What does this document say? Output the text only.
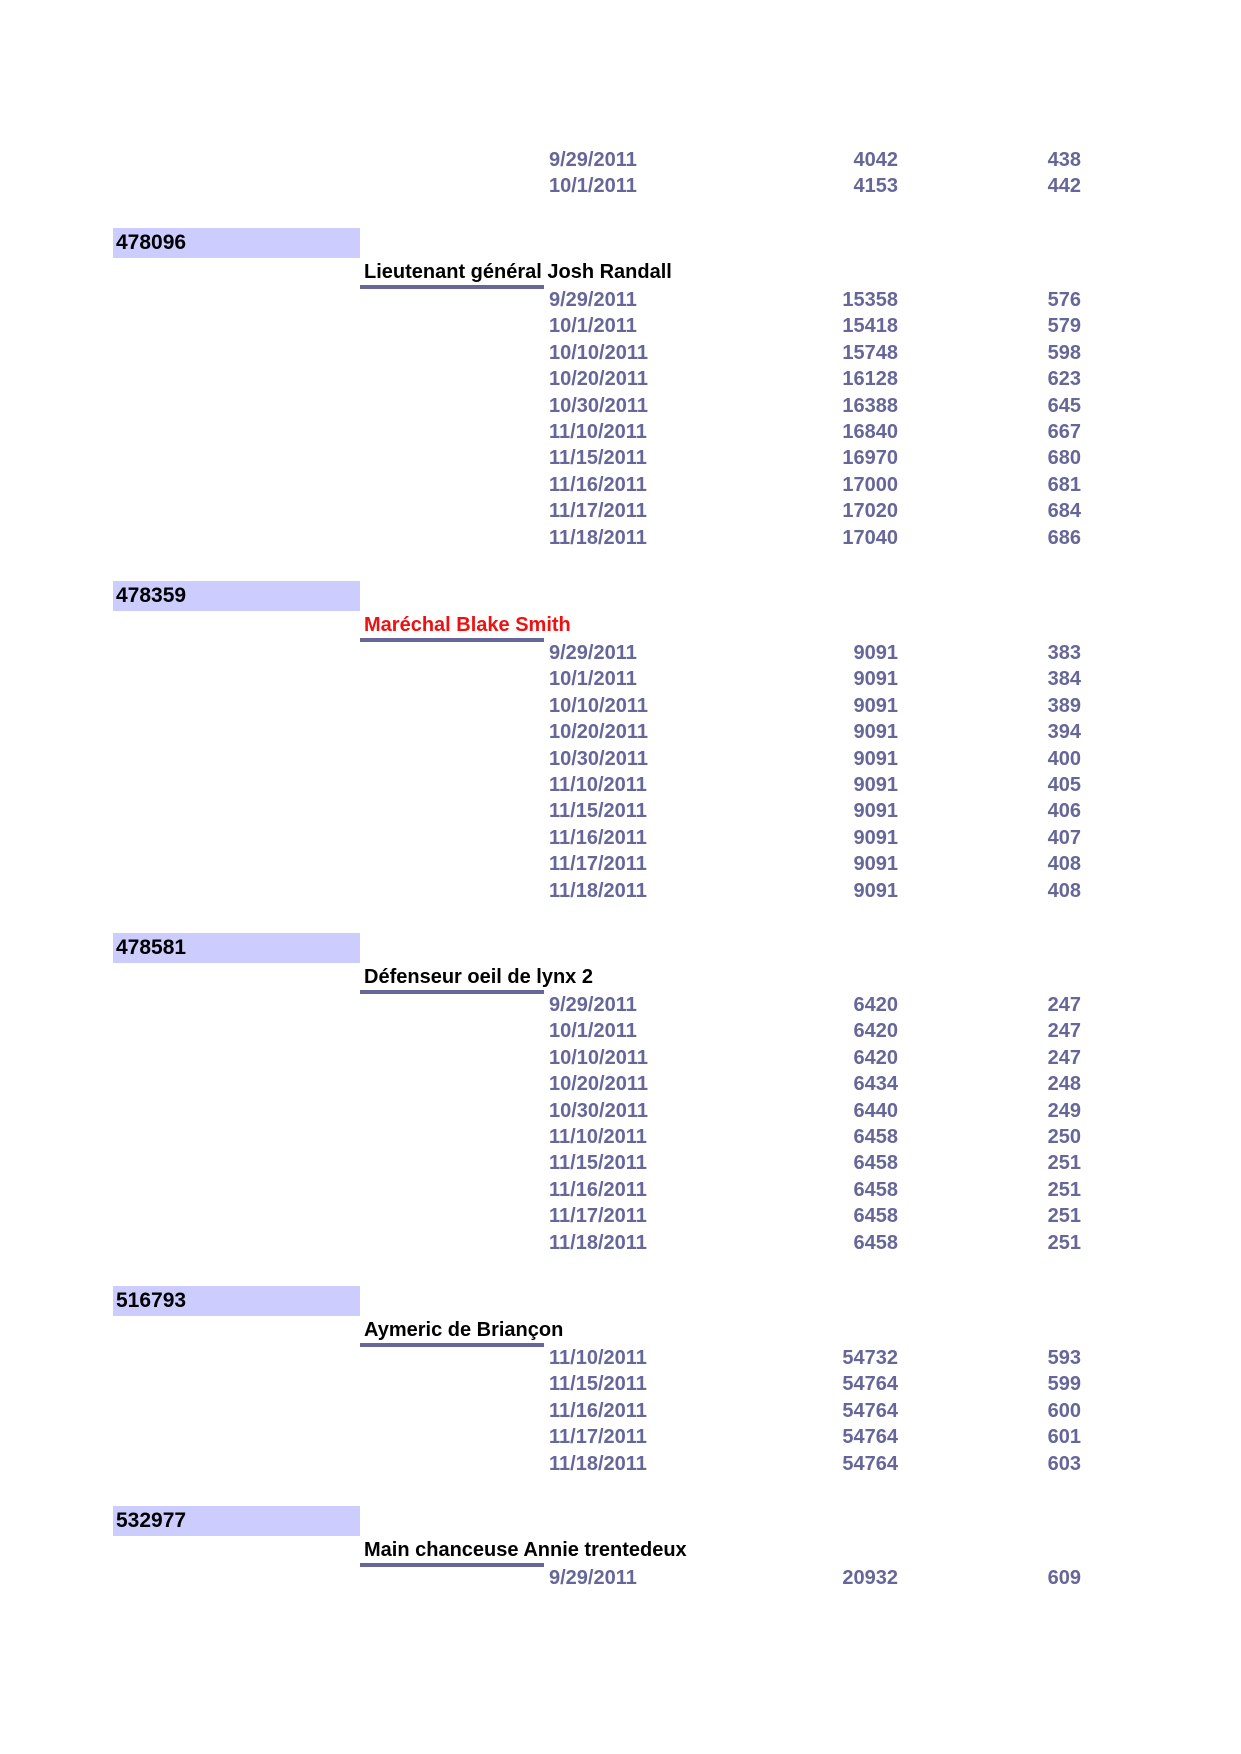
9/29/2011	4042	438
10/1/2011	4153	442
478096
Lieutenant général Josh Randall
9/29/2011	15358	576
10/1/2011	15418	579
10/10/2011	15748	598
10/20/2011	16128	623
10/30/2011	16388	645
11/10/2011	16840	667
11/15/2011	16970	680
11/16/2011	17000	681
11/17/2011	17020	684
11/18/2011	17040	686
478359
Maréchal Blake Smith
9/29/2011	9091	383
10/1/2011	9091	384
10/10/2011	9091	389
10/20/2011	9091	394
10/30/2011	9091	400
11/10/2011	9091	405
11/15/2011	9091	406
11/16/2011	9091	407
11/17/2011	9091	408
11/18/2011	9091	408
478581
Défenseur oeil de lynx 2
9/29/2011	6420	247
10/1/2011	6420	247
10/10/2011	6420	247
10/20/2011	6434	248
10/30/2011	6440	249
11/10/2011	6458	250
11/15/2011	6458	251
11/16/2011	6458	251
11/17/2011	6458	251
11/18/2011	6458	251
516793
Aymeric de Briançon
11/10/2011	54732	593
11/15/2011	54764	599
11/16/2011	54764	600
11/17/2011	54764	601
11/18/2011	54764	603
532977
Main chanceuse Annie trentedeux
9/29/2011	20932	609
